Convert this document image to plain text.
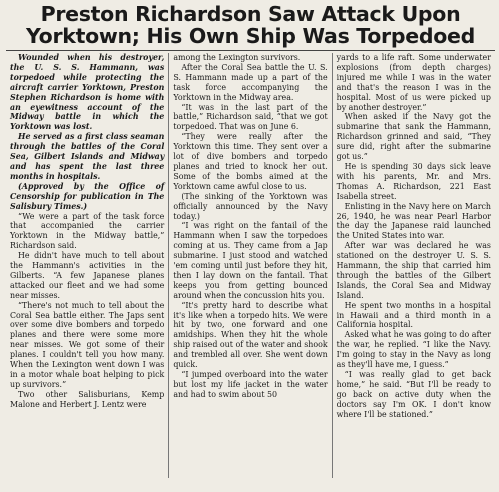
Preston Richardson Saw Attack Upon
Yorktown; His Own Ship Was Torpedoed

Wounded when his destroyer, the U. S. S. Hammann, was torpedoed while protecting the aircraft carrier Yorktown, Preston Stephen Richardson is home with an eyewitness account of the Midway battle in which the Yorktown was lost.

He served as a first class seaman through the battles of the Coral Sea, Gilbert Islands and Midway and has spent the last three months in hospitals.

(Approved by the Office of Censorship for publication in The Salisbury Times.)

“We were a part of the task force that accompanied the carrier Yorktown in the Midway battle,” Richardson said.

He didn't have much to tell about the Hammann's activities in the Gilberts. “A few Japanese planes attacked our fleet and we had some near misses.

“There's not much to tell about the Coral Sea battle either. The Japs sent over some dive bombers and torpedo planes and there were some more near misses. We got some of their planes. I couldn't tell you how many. When the Lexington went down I was in a motor whale boat helping to pick up survivors.”

Two other Salisburians, Kemp Malone and Herbert J. Lentz were

among the Lexington survivors.

After the Coral Sea battle the U. S. S. Hammann made up a part of the task force accompanying the Yorktown in the Midway area.

“It was in the last part of the battle,” Richardson said, “that we got torpedoed. That was on June 6.

“They were really after the Yorktown this time. They sent over a lot of dive bombers and torpedo planes and tried to knock her out. Some of the bombs aimed at the Yorktown came awful close to us.

(The sinking of the Yorktown was officially announced by the Navy today.)

“I was right on the fantail of the Hammann when I saw the torpedoes coming at us. They came from a Jap submarine. I just stood and watched 'em coming until just before they hit, then I lay down on the fantail. That keeps you from getting bounced around when the concussion hits you.

“It's pretty hard to describe what it's like when a torpedo hits. We were hit by two, one forward and one amidships. When they hit the whole ship raised out of the water and shook and trembled all over. She went down quick.

“I jumped overboard into the water but lost my life jacket in the water and had to swim about 50

yards to a life raft. Some underwater explosions (from depth charges) injured me while I was in the water and that's the reason I was in the hospital. Most of us were picked up by another destroyer.”

When asked if the Navy got the submarine that sank the Hammann, Richardson grinned and said, “They sure did, right after the submarine got us.”

He is spending 30 days sick leave with his parents, Mr. and Mrs. Thomas A. Richardson, 221 East Isabella street.

Enlisting in the Navy here on March 26, 1940, he was near Pearl Harbor the day the Japanese raid launched the United States into war.

After war was declared he was stationed on the destroyer U. S. S. Hammann, the ship that carried him through the battles of the Gilbert Islands, the Coral Sea and Midway Island.

He spent two months in a hospital in Hawaii and a third month in a California hospital.

Asked what he was going to do after the war, he replied. “I like the Navy. I'm going to stay in the Navy as long as they'll have me, I guess.”

“I was really glad to get back home,” he said. “But I'll be ready to go back on active duty when the doctors say I'm OK. I don't know where I'll be stationed.”
